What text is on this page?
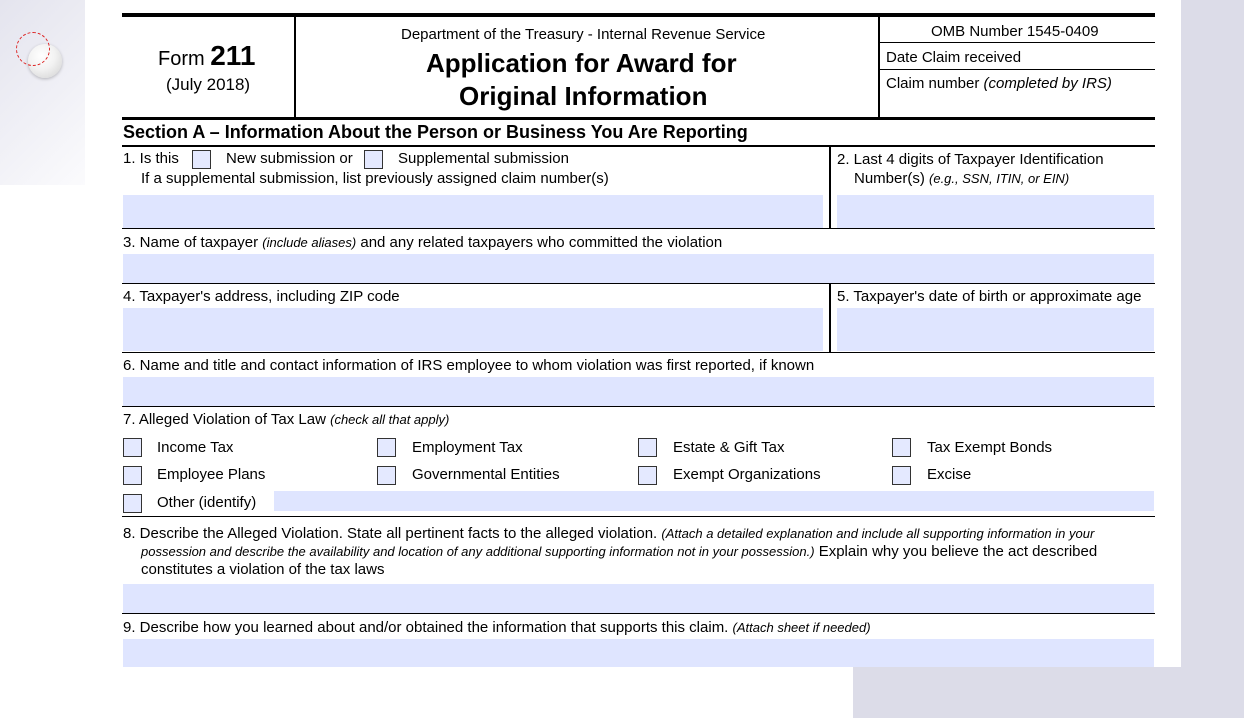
Form 211
(July 2018)
Department of the Treasury - Internal Revenue Service
Application for Award for
Original Information
OMB Number 1545-0409
Date Claim received
Claim number (completed by IRS)
Section A – Information About the Person or Business You Are Reporting
1. Is this	New submission or	Supplemental submission
If a supplemental submission, list previously assigned claim number(s)
2. Last 4 digits of Taxpayer Identification
Number(s) (e.g., SSN, ITIN, or EIN)
3. Name of taxpayer (include aliases) and any related taxpayers who committed the violation
4. Taxpayer's address, including ZIP code	5. Taxpayer's date of birth or approximate age
6. Name and title and contact information of IRS employee to whom violation was first reported, if known
7. Alleged Violation of Tax Law (check all that apply)
Income Tax	Employment Tax	Estate & Gift Tax	Tax Exempt Bonds
Employee Plans	Governmental Entities	Exempt Organizations	Excise
Other (identify)
8. Describe the Alleged Violation. State all pertinent facts to the alleged violation. (Attach a detailed explanation and include all supporting information in your
possession and describe the availability and location of any additional supporting information not in your possession.) Explain why you believe the act described
constitutes a violation of the tax laws
9. Describe how you learned about and/or obtained the information that supports this claim. (Attach sheet if needed)
